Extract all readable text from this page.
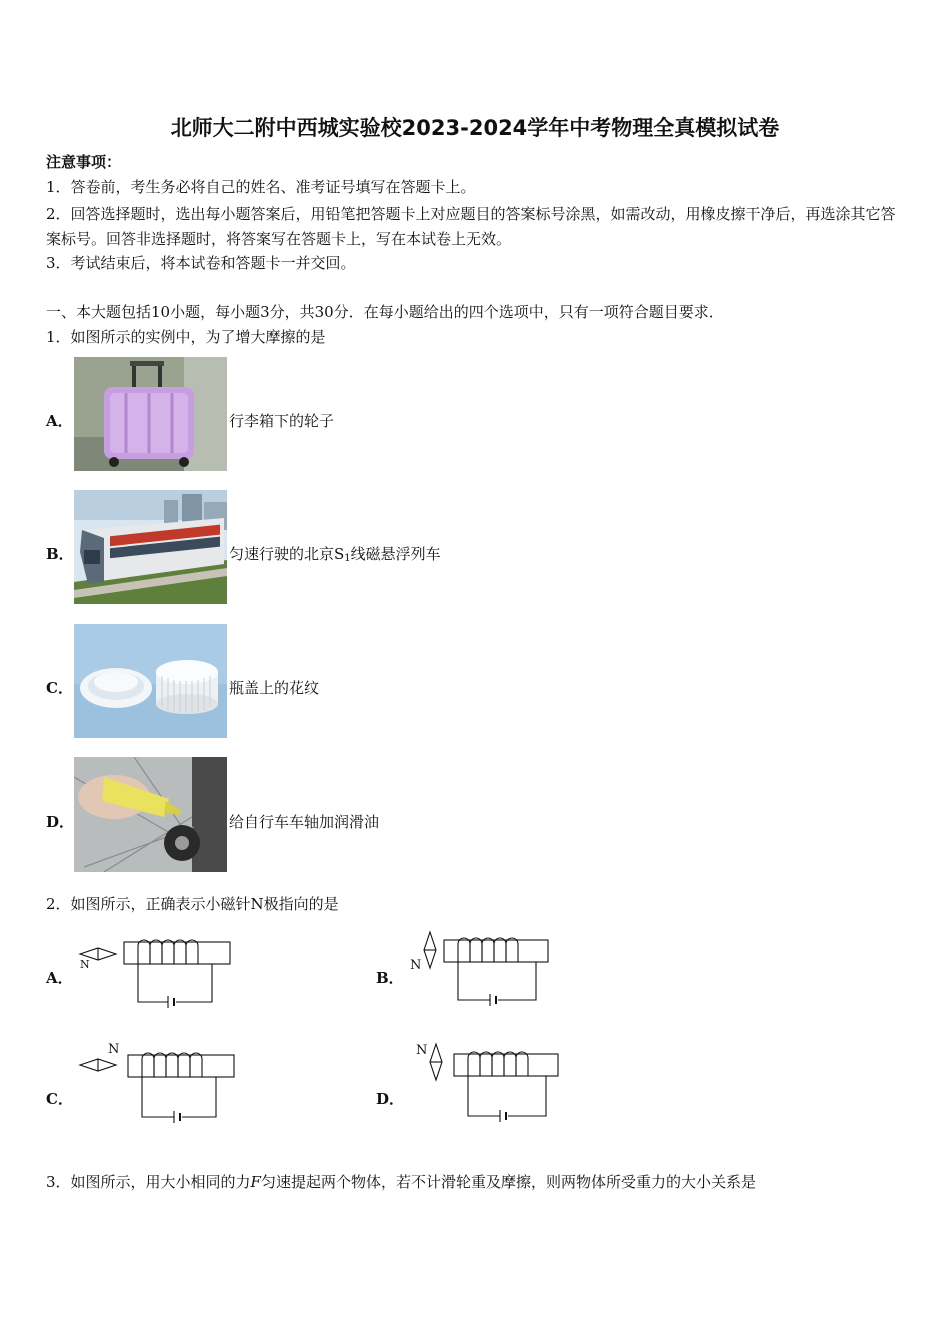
北师大二附中西城实验校2023-2024学年中考物理全真模拟试卷
注意事项：
1．答卷前，考生务必将自己的姓名、准考证号填写在答题卡上。
2．回答选择题时，选出每小题答案后，用铅笔把答题卡上对应题目的答案标号涂黑，如需改动，用橡皮擦干净后，再选涂其它答案标号。回答非选择题时，将答案写在答题卡上，写在本试卷上无效。
3．考试结束后，将本试卷和答题卡一并交回。
一、本大题包括10小题，每小题3分，共30分．在每小题给出的四个选项中，只有一项符合题目要求．
1．如图所示的实例中，为了增大摩擦的是
A．	行李箱下的轮子
B．	匀速行驶的北京$S_1$线磁悬浮列车
C．	瓶盖上的花纹
D．	给自行车车轴加润滑油
2．如图所示，正确表示小磁针N极指向的是
A．
N
B．
N
C．
N
D．
N
3．如图所示，用大小相同的力F匀速提起两个物体，若不计滑轮重及摩擦，则两物体所受重力的大小关系是
